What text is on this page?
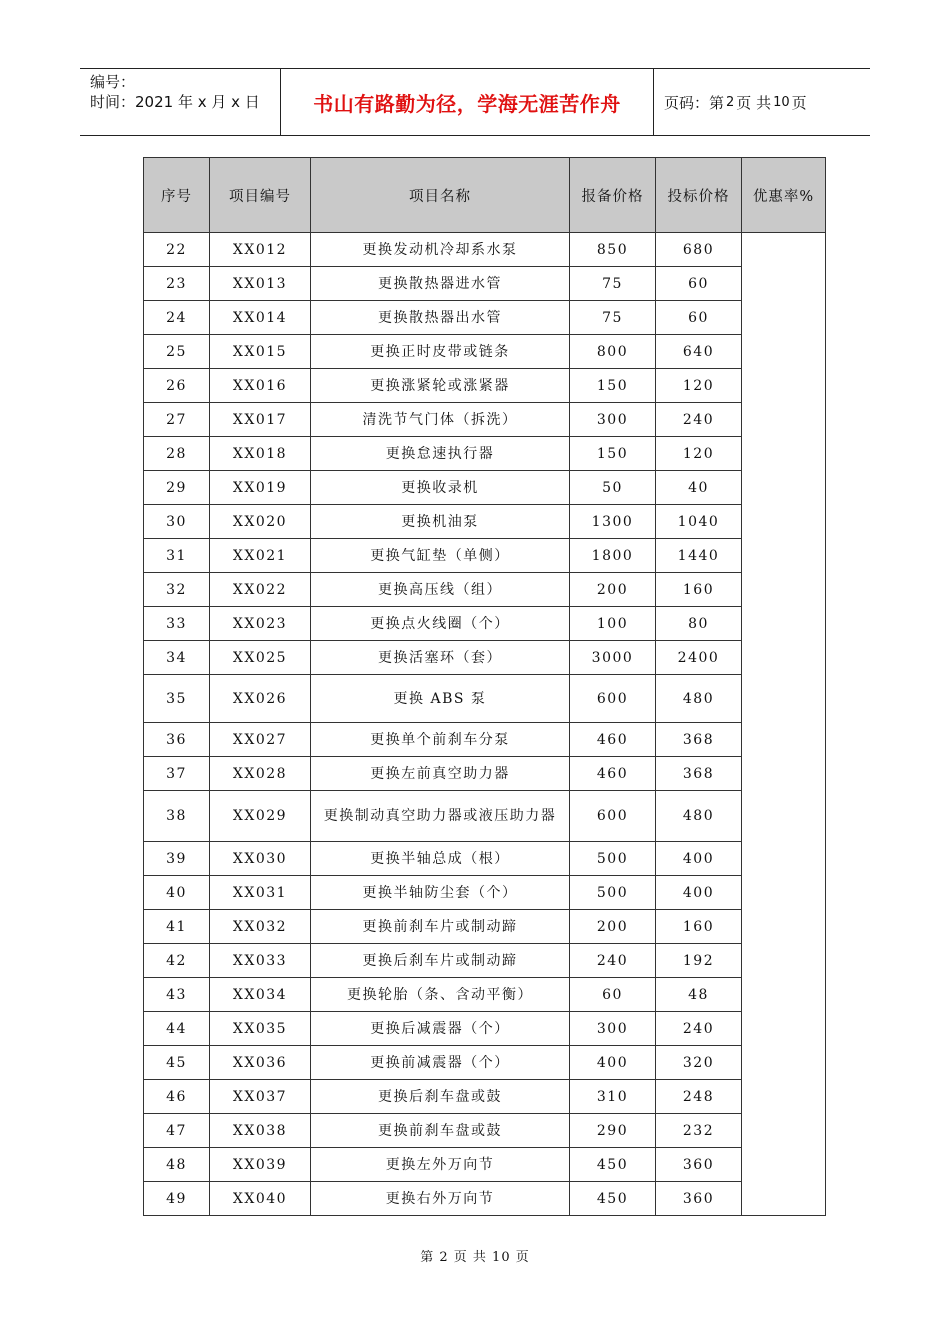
编号：
时间：2021 年 x 月 x 日	书山有路勤为径，学海无涯苦作舟	页码：第 2 页 共 10 页
序号	项目编号	项目名称	报备价格	投标价格	优惠率%
22	XX012	更换发动机冷却系水泵	850	680	
23	XX013	更换散热器进水管	75	60	
24	XX014	更换散热器出水管	75	60	
25	XX015	更换正时皮带或链条	800	640	
26	XX016	更换涨紧轮或涨紧器	150	120	
27	XX017	清洗节气门体（拆洗）	300	240	
28	XX018	更换怠速执行器	150	120	
29	XX019	更换收录机	50	40	
30	XX020	更换机油泵	1300	1040	
31	XX021	更换气缸垫（单侧）	1800	1440	
32	XX022	更换高压线（组）	200	160	
33	XX023	更换点火线圈（个）	100	80	
34	XX025	更换活塞环（套）	3000	2400	
35	XX026	更换 ABS 泵	600	480	
36	XX027	更换单个前刹车分泵	460	368	
37	XX028	更换左前真空助力器	460	368	
38	XX029	更换制动真空助力器或液压助力器	600	480	
39	XX030	更换半轴总成（根）	500	400	
40	XX031	更换半轴防尘套（个）	500	400	
41	XX032	更换前刹车片或制动蹄	200	160	
42	XX033	更换后刹车片或制动蹄	240	192	
43	XX034	更换轮胎（条、含动平衡）	60	48	
44	XX035	更换后减震器（个）	300	240	
45	XX036	更换前减震器（个）	400	320	
46	XX037	更换后刹车盘或鼓	310	248	
47	XX038	更换前刹车盘或鼓	290	232	
48	XX039	更换左外万向节	450	360	
49	XX040	更换右外万向节	450	360	
第 2 页 共 10 页
